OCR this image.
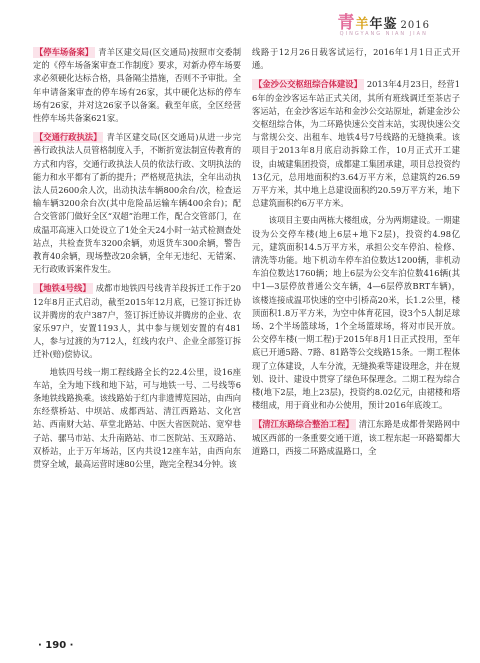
青羊年鉴 2016
QINGYANG NIAN JIAN

【停车场备案】 青羊区建交局(区交通局)按照市交委制定的《停车场备案审查工作制度》要求，对新办停车场要求必须硬化达标合格，具备隔尘措施，否则不予审批。全年申请备案审查的停车场有26家，其中硬化达标的停车场有26家，并对这26家予以备案。截至年底，全区经营性停车场共备案621家。

【交通行政执法】 青羊区建交局(区交通局)从进一步完善行政执法人员管格制度入手，不断折宽法制宣传教育的方式和内容，交通行政执法人员的依法行政、文明执法的能力和水平都有了新的提升；严格规范执法，全年出动执法人员2600余人次，出动执法车辆800余台/次，检查运输车辆3200余台次(其中危险品运输车辆400余台)；配合交管部门做好全区“双超”治理工作，配合交管部门，在成温邛高速入口处设立了1处全天24小时一站式检测查处站点，共检查货车3200余辆，劝返货车300余辆，警告教育40余辆，现场整改20余辆，全年无违纪、无错案、无行政败诉案件发生。

【地铁4号线】 成都市地铁四号线青羊段拆迁工作于2012年8月正式启动，截至2015年12月底，已签订拆迁协议并腾房的农户387户，签订拆迁协议并腾房的企业、农家乐97户，安置1193人，其中参与规划安置的有481人，参与过渡的为712人，红线内农户、企业全部签订拆迁补(赔)偿协议。

地铁四号线一期工程线路全长约22.4公里，设16座车站，全为地下线和地下站，可与地铁一号、二号线等6条地铁线路换乘。该线路始于红内非遗博览园站，由西向东经蔡桥站、中坝站、成都西站、清江西路站、文化宫站、西南财大站、草堂北路站、中医大省医院站、宽窄巷子站、骡马市站、太升南路站、市二医院站、玉双路站、双桥站，止于万年场站，区内共设12座车站，由西向东贯穿全域，最高运营时速80公里，跑完全程34分钟。该

线路于12月26日载客试运行，2016年1月1日正式开通。

【金沙公交枢纽综合体建设】 2013年4月23日，经营16年的金沙客运车站正式关闭，其所有班线调迁至茶店子客运站，在金沙客运车站和金沙公交站原址，新建金沙公交枢纽综合体，为二环路快速公交首末站，实现快速公交与常规公交、出租车、地铁4号7号线路的无缝换乘。该项目于2013年8月底启动拆除工作，10月正式开工建设，由城建集团投资，成都建工集团承建，项目总投资约13亿元，总用地面积约3.64万平方米，总建筑约26.59万平方米，其中地上总建设面积约20.59万平方米，地下总建筑面积约6万平方米。

该项目主要由两栋大楼组成，分为两期建设。一期建设为公交停车楼(地上6层+地下2层)，投资约4.98亿元，建筑面积14.5万平方米，承担公交车停泊、检修、清洗等功能。地下机动车停车泊位数达1200辆，非机动车泊位数达1760辆；地上6层为公交车泊位数416辆(其中1—3层停放普通公交车辆，4—6层停放BRT车辆)，该楼连接成温邛快速的空中引桥高20米，长1.2公里，楼顶面积1.8万平方米，为空中体育花园，设3个5人制足球场、2个半场篮球场，1个全场篮球场，将对市民开放。公交停车楼(一期工程)于2015年8月1日正式投用，至年底已开通5路、7路、81路等公交线路15条。一期工程体现了立体建设，人车分流，无缝换乘等建设理念，并在规划、设计、建设中贯穿了绿色环保理念。二期工程为综合楼(地下2层，地上23层)，投资约8.02亿元，由裙楼和塔楼组成，用于商业和办公使用，预计2016年底竣工。

【清江东路综合整治工程】 清江东路是成都骨架路网中城区西部的一条重要交通干道，该工程东起一环路蜀都大道路口，西接二环路成温路口，全

· 190 ·
